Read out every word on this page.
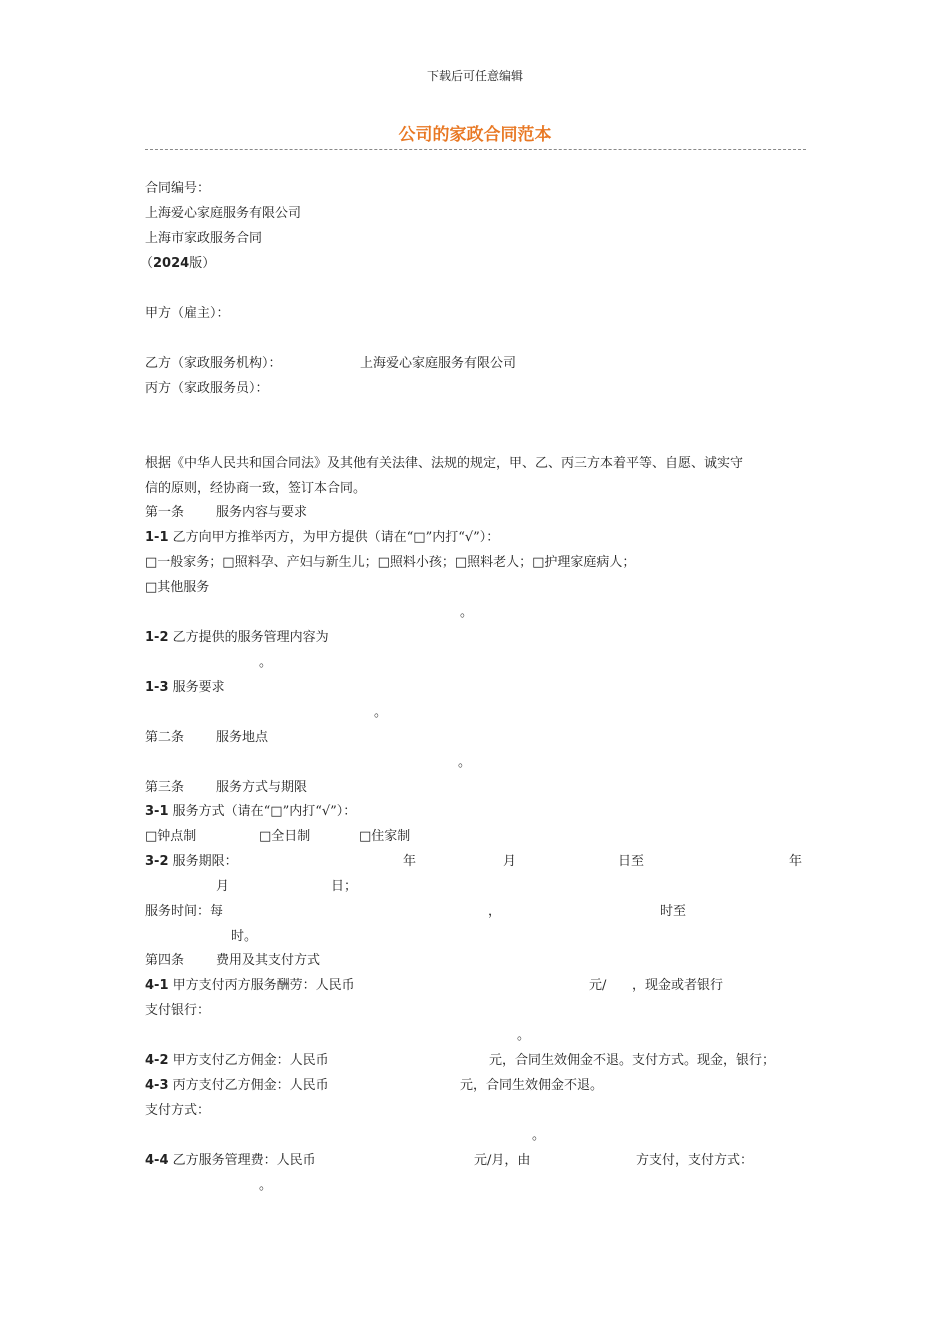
下载后可任意编辑
公司的家政合同范本
合同编号：
上海爱心家庭服务有限公司
上海市家政服务合同
（2024版）
甲方（雇主）：
乙方（家政服务机构）：	上海爱心家庭服务有限公司
丙方（家政服务员）：
根据《中华人民共和国合同法》及其他有关法律、法规的规定，甲、乙、丙三方本着平等、自愿、诚实守
信的原则，经协商一致，签订本合同。
第一条 服务内容与要求
1-1 乙方向甲方推举丙方，为甲方提供（请在“□”内打“√”）：
□一般家务；□照料孕、产妇与新生儿；□照料小孩；□照料老人；□护理家庭病人；
□其他服务
。
1-2 乙方提供的服务管理内容为
。
1-3 服务要求
。
第二条 服务地点
。
第三条 服务方式与期限
3-1 服务方式（请在“□”内打“√”）：
□钟点制	□全日制	□住家制
3-2 服务期限：	年	月	日至	年
月	日；
服务时间：每	，	时至
时。
第四条 费用及其支付方式
4-1 甲方支付丙方服务酬劳：人民币	元/ ，现金或者银行
支付银行：
。
4-2 甲方支付乙方佣金：人民币	元，合同生效佣金不退。支付方式。现金，银行；
4-3 丙方支付乙方佣金：人民币	元，合同生效佣金不退。
支付方式：
。
4-4 乙方服务管理费：人民币	元/月，由	方支付，支付方式：
。
